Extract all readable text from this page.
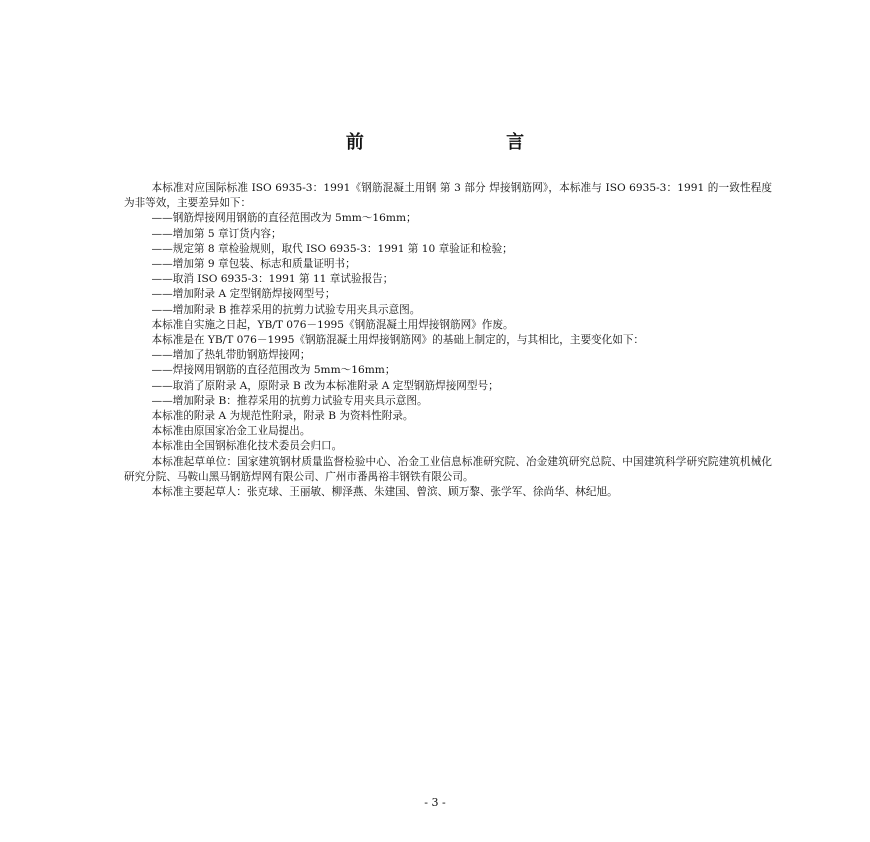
前 言

本标准对应国际标准 ISO 6935-3：1991《钢筋混凝土用钢 第 3 部分 焊接钢筋网》，本标准与 ISO 6935-3：1991 的一致性程度为非等效，主要差异如下：

——钢筋焊接网用钢筋的直径范围改为 5mm～16mm；

——增加第 5 章订货内容；

——规定第 8 章检验规则，取代 ISO 6935-3：1991 第 10 章验证和检验；

——增加第 9 章包装、标志和质量证明书；

——取消 ISO 6935-3：1991 第 11 章试验报告；

——增加附录 A 定型钢筋焊接网型号；

——增加附录 B 推荐采用的抗剪力试验专用夹具示意图。

本标准自实施之日起，YB/T 076－1995《钢筋混凝土用焊接钢筋网》作废。

本标准是在 YB/T 076－1995《钢筋混凝土用焊接钢筋网》的基础上制定的，与其相比，主要变化如下：

——增加了热轧带肋钢筋焊接网；

——焊接网用钢筋的直径范围改为 5mm～16mm；

——取消了原附录 A，原附录 B 改为本标准附录 A 定型钢筋焊接网型号；

——增加附录 B：推荐采用的抗剪力试验专用夹具示意图。

本标准的附录 A 为规范性附录，附录 B 为资料性附录。

本标准由原国家冶金工业局提出。

本标准由全国钢标准化技术委员会归口。

本标准起草单位：国家建筑钢材质量监督检验中心、冶金工业信息标准研究院、冶金建筑研究总院、中国建筑科学研究院建筑机械化研究分院、马鞍山黑马钢筋焊网有限公司、广州市番禺裕丰钢铁有限公司。

本标准主要起草人：张克球、王丽敏、柳泽燕、朱建国、曾滨、顾万黎、张学军、徐尚华、林纪旭。

- 3 -
